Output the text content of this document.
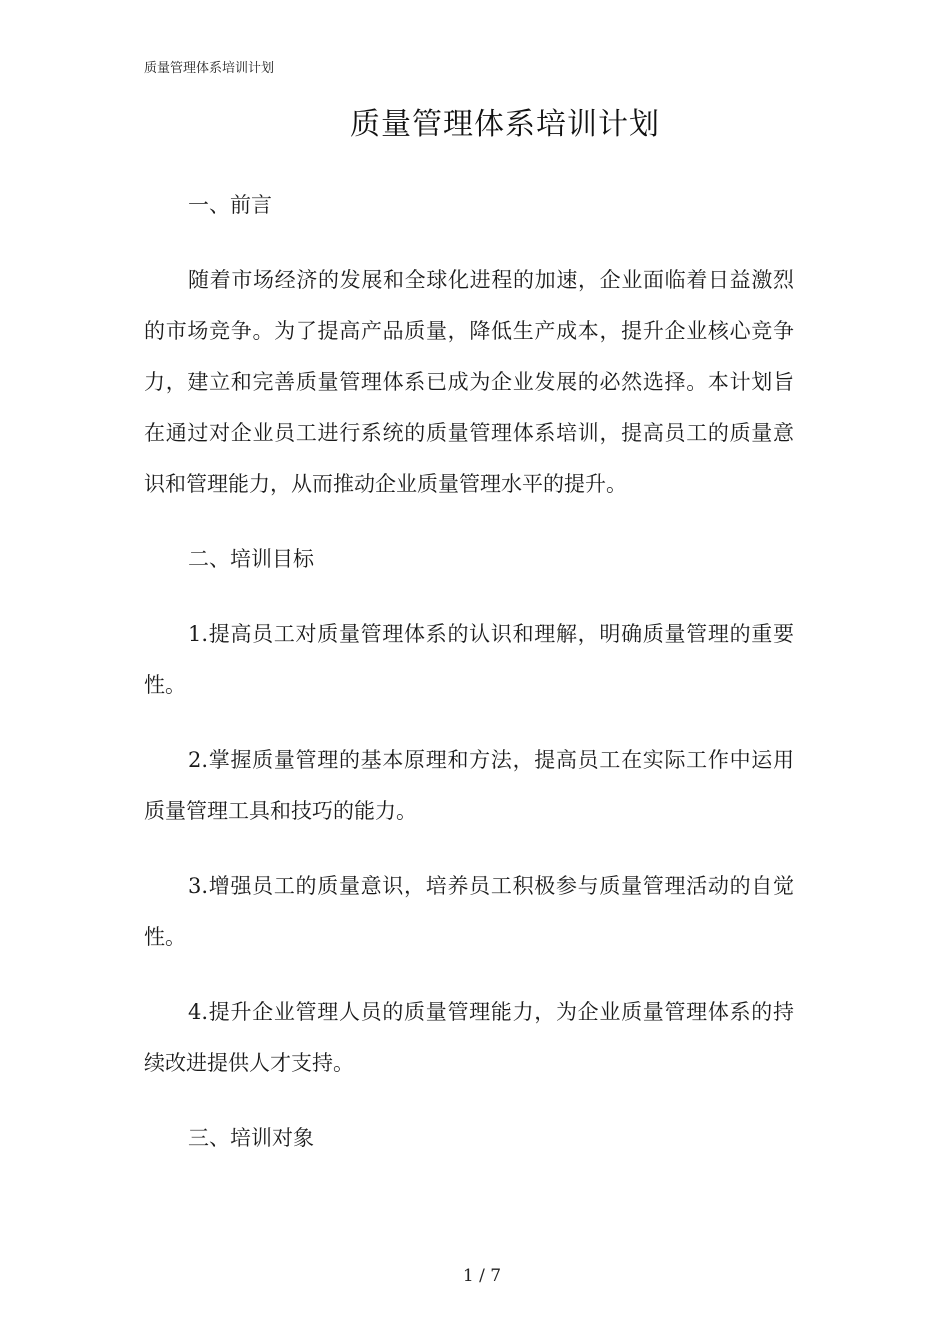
质量管理体系培训计划
质量管理体系培训计划

一、前言

随着市场经济的发展和全球化进程的加速，企业面临着日益激烈的市场竞争。为了提高产品质量，降低生产成本，提升企业核心竞争力，建立和完善质量管理体系已成为企业发展的必然选择。本计划旨在通过对企业员工进行系统的质量管理体系培训，提高员工的质量意识和管理能力，从而推动企业质量管理水平的提升。

二、培训目标

1.提高员工对质量管理体系的认识和理解，明确质量管理的重要性。

2.掌握质量管理的基本原理和方法，提高员工在实际工作中运用质量管理工具和技巧的能力。

3.增强员工的质量意识，培养员工积极参与质量管理活动的自觉性。

4.提升企业管理人员的质量管理能力，为企业质量管理体系的持续改进提供人才支持。

三、培训对象

1 / 7
